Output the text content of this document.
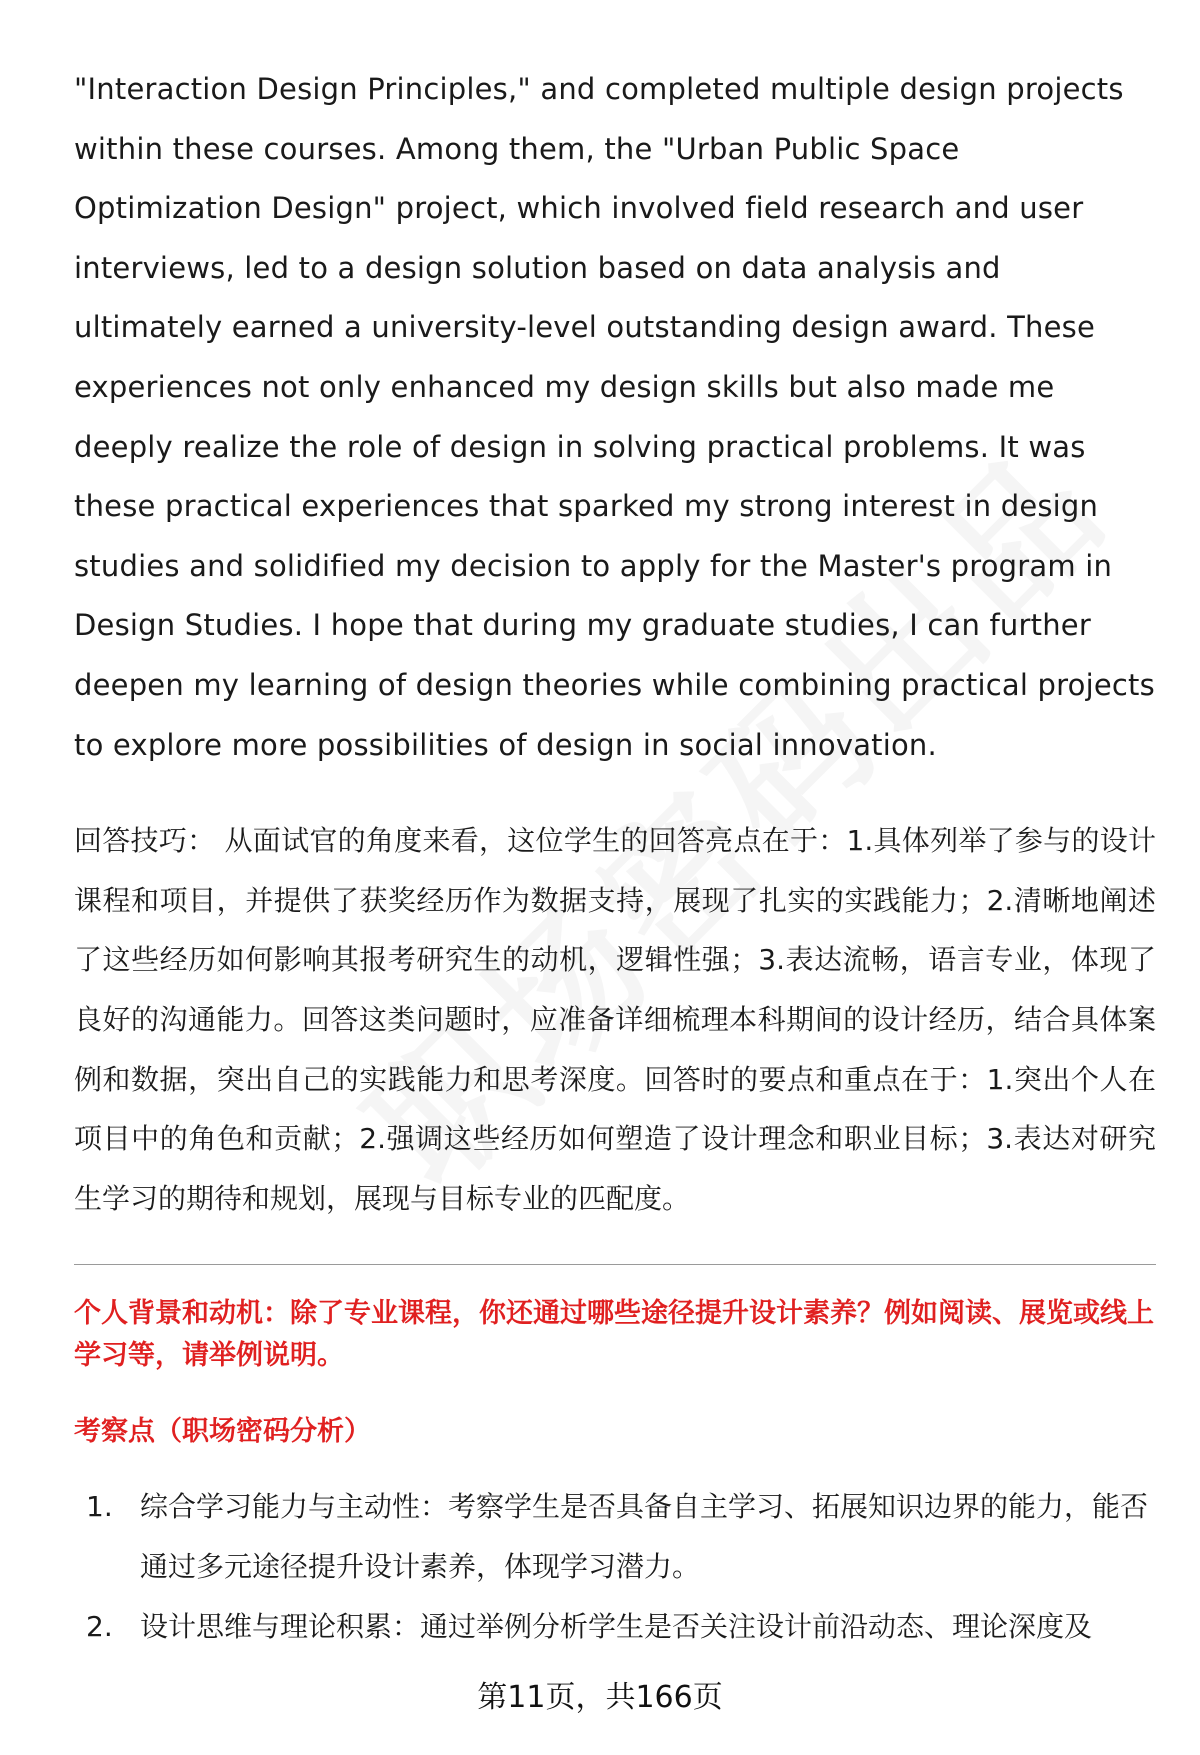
"Interaction Design Principles," and completed multiple design projects within these courses. Among them, the "Urban Public Space Optimization Design" project, which involved field research and user interviews, led to a design solution based on data analysis and ultimately earned a university-level outstanding design award. These experiences not only enhanced my design skills but also made me deeply realize the role of design in solving practical problems. It was these practical experiences that sparked my strong interest in design studies and solidified my decision to apply for the Master's program in Design Studies. I hope that during my graduate studies, I can further deepen my learning of design theories while combining practical projects to explore more possibilities of design in social innovation.

回答技巧： 从面试官的角度来看，这位学生的回答亮点在于：1.具体列举了参与的设计课程和项目，并提供了获奖经历作为数据支持，展现了扎实的实践能力；2.清晰地阐述了这些经历如何影响其报考研究生的动机，逻辑性强；3.表达流畅，语言专业，体现了良好的沟通能力。回答这类问题时，应准备详细梳理本科期间的设计经历，结合具体案例和数据，突出自己的实践能力和思考深度。回答时的要点和重点在于：1.突出个人在项目中的角色和贡献；2.强调这些经历如何塑造了设计理念和职业目标；3.表达对研究生学习的期待和规划，展现与目标专业的匹配度。

个人背景和动机：除了专业课程，你还通过哪些途径提升设计素养？例如阅读、展览或线上学习等，请举例说明。

考察点（职场密码分析）

1. 综合学习能力与主动性：考察学生是否具备自主学习、拓展知识边界的能力，能否通过多元途径提升设计素养，体现学习潜力。
2. 设计思维与理论积累：通过举例分析学生是否关注设计前沿动态、理论深度及
第11页，共166页
